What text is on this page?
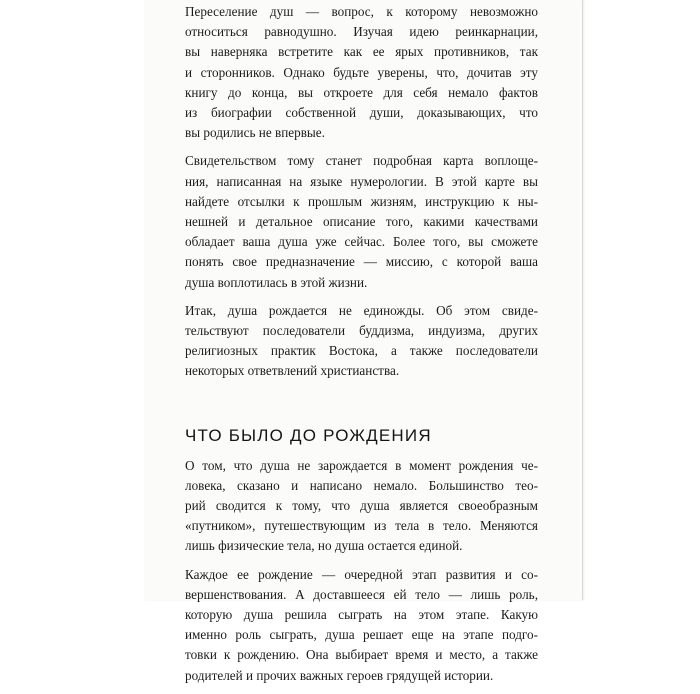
Переселение душ — вопрос, к которому невозможно
относиться равнодушно. Изучая идею реинкарнации,
вы наверняка встретите как ее ярых противников, так
и сторонников. Однако будьте уверены, что, дочитав эту
книгу до конца, вы откроете для себя немало фактов
из биографии собственной души, доказывающих, что
вы родились не впервые.

Свидетельством тому станет подробная карта воплоще-
ния, написанная на языке нумерологии. В этой карте вы
найдете отсылки к прошлым жизням, инструкцию к ны-
нешней и детальное описание того, какими качествами
обладает ваша душа уже сейчас. Более того, вы сможете
понять свое предназначение — миссию, с которой ваша
душа воплотилась в этой жизни.

Итак, душа рождается не единожды. Об этом свиде-
тельствуют последователи буддизма, индуизма, других
религиозных практик Востока, а также последователи
некоторых ответвлений христианства.

ЧТО БЫЛО ДО РОЖДЕНИЯ

О том, что душа не зарождается в момент рождения че-
ловека, сказано и написано немало. Большинство тео-
рий сводится к тому, что душа является своеобразным
«путником», путешествующим из тела в тело. Меняются
лишь физические тела, но душа остается единой.

Каждое ее рождение — очередной этап развития и со-
вершенствования. А доставшееся ей тело — лишь роль,
которую душа решила сыграть на этом этапе. Какую
именно роль сыграть, душа решает еще на этапе подго-
товки к рождению. Она выбирает время и место, а также
родителей и прочих важных героев грядущей истории.
